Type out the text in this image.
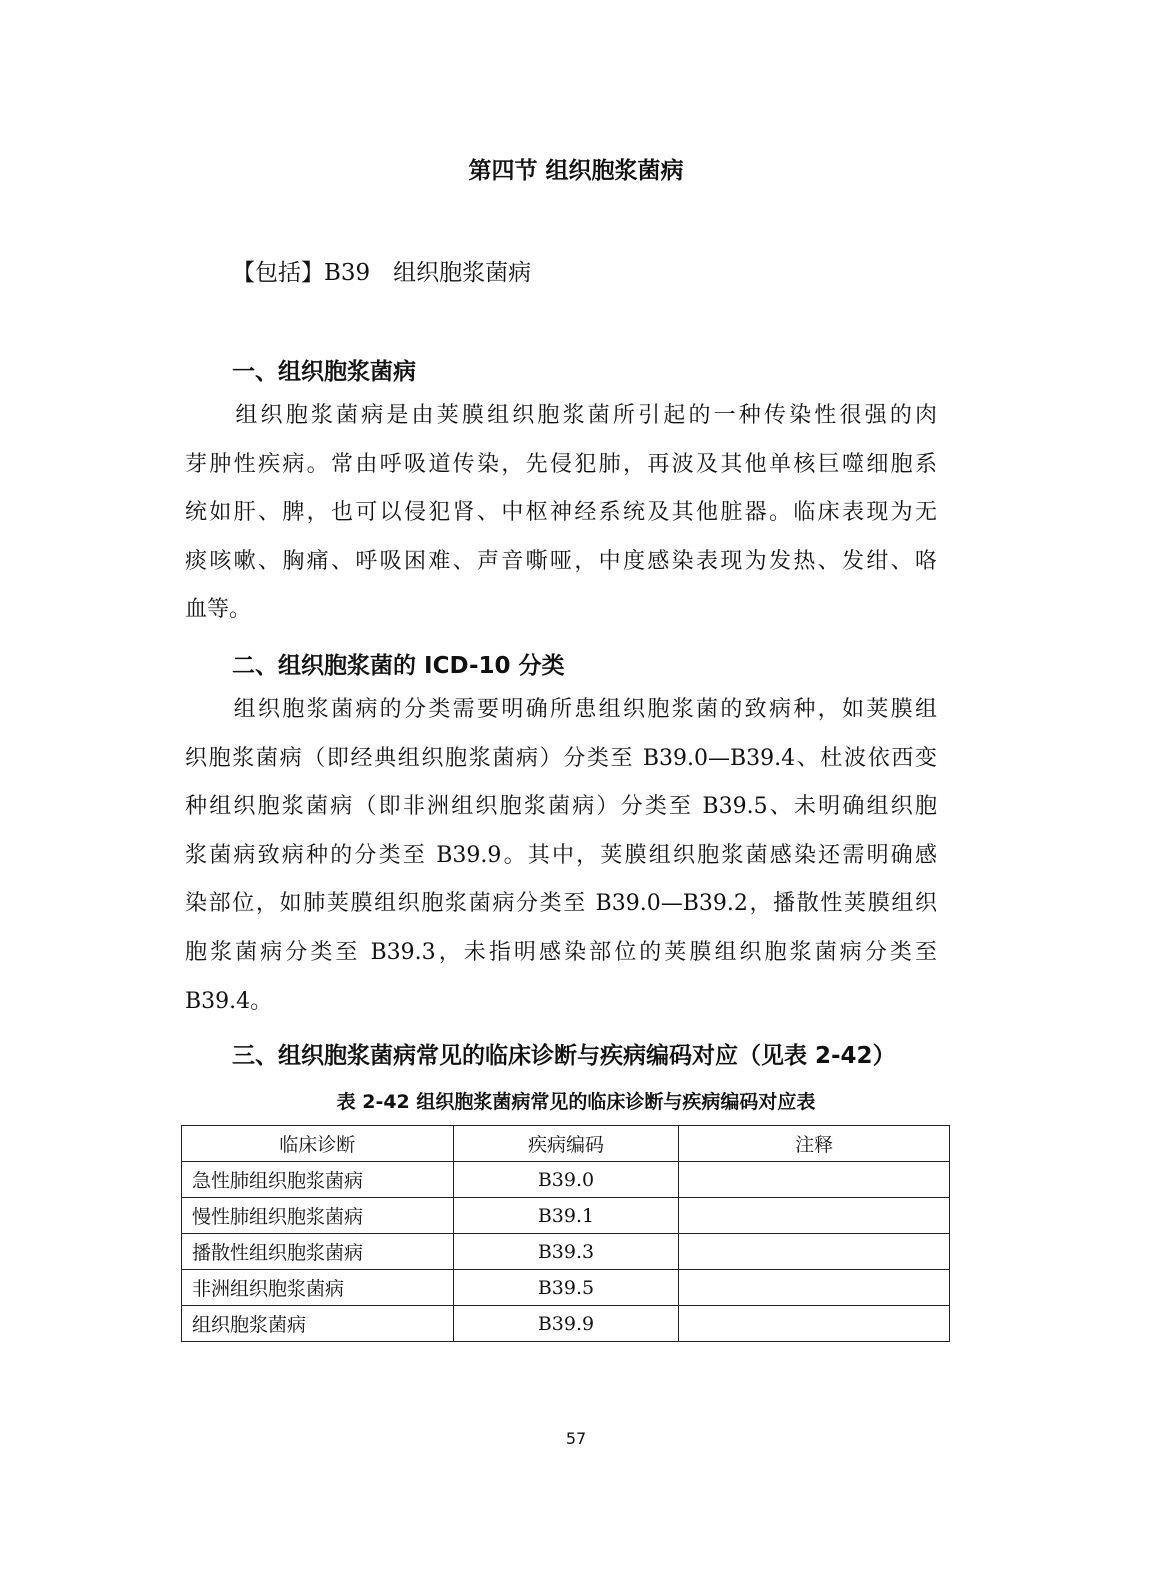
第四节 组织胞浆菌病
【包括】B39　组织胞浆菌病
一、组织胞浆菌病
　　组织胞浆菌病是由荚膜组织胞浆菌所引起的一种传染性很强的肉
芽肿性疾病。常由呼吸道传染，先侵犯肺，再波及其他单核巨噬细胞系
统如肝、脾，也可以侵犯肾、中枢神经系统及其他脏器。临床表现为无
痰咳嗽、胸痛、呼吸困难、声音嘶哑，中度感染表现为发热、发绀、咯
血等。
二、组织胞浆菌的 ICD-10 分类
　　组织胞浆菌病的分类需要明确所患组织胞浆菌的致病种，如荚膜组
织胞浆菌病（即经典组织胞浆菌病）分类至 B39.0—B39.4、杜波依西变
种组织胞浆菌病（即非洲组织胞浆菌病）分类至 B39.5、未明确组织胞
浆菌病致病种的分类至 B39.9。其中，荚膜组织胞浆菌感染还需明确感
染部位，如肺荚膜组织胞浆菌病分类至 B39.0—B39.2，播散性荚膜组织
胞浆菌病分类至 B39.3，未指明感染部位的荚膜组织胞浆菌病分类至
B39.4。
三、组织胞浆菌病常见的临床诊断与疾病编码对应（见表 2-42）
表 2-42 组织胞浆菌病常见的临床诊断与疾病编码对应表
临床诊断	疾病编码	注释
急性肺组织胞浆菌病	B39.0	
慢性肺组织胞浆菌病	B39.1	
播散性组织胞浆菌病	B39.3	
非洲组织胞浆菌病	B39.5	
组织胞浆菌病	B39.9	
57
